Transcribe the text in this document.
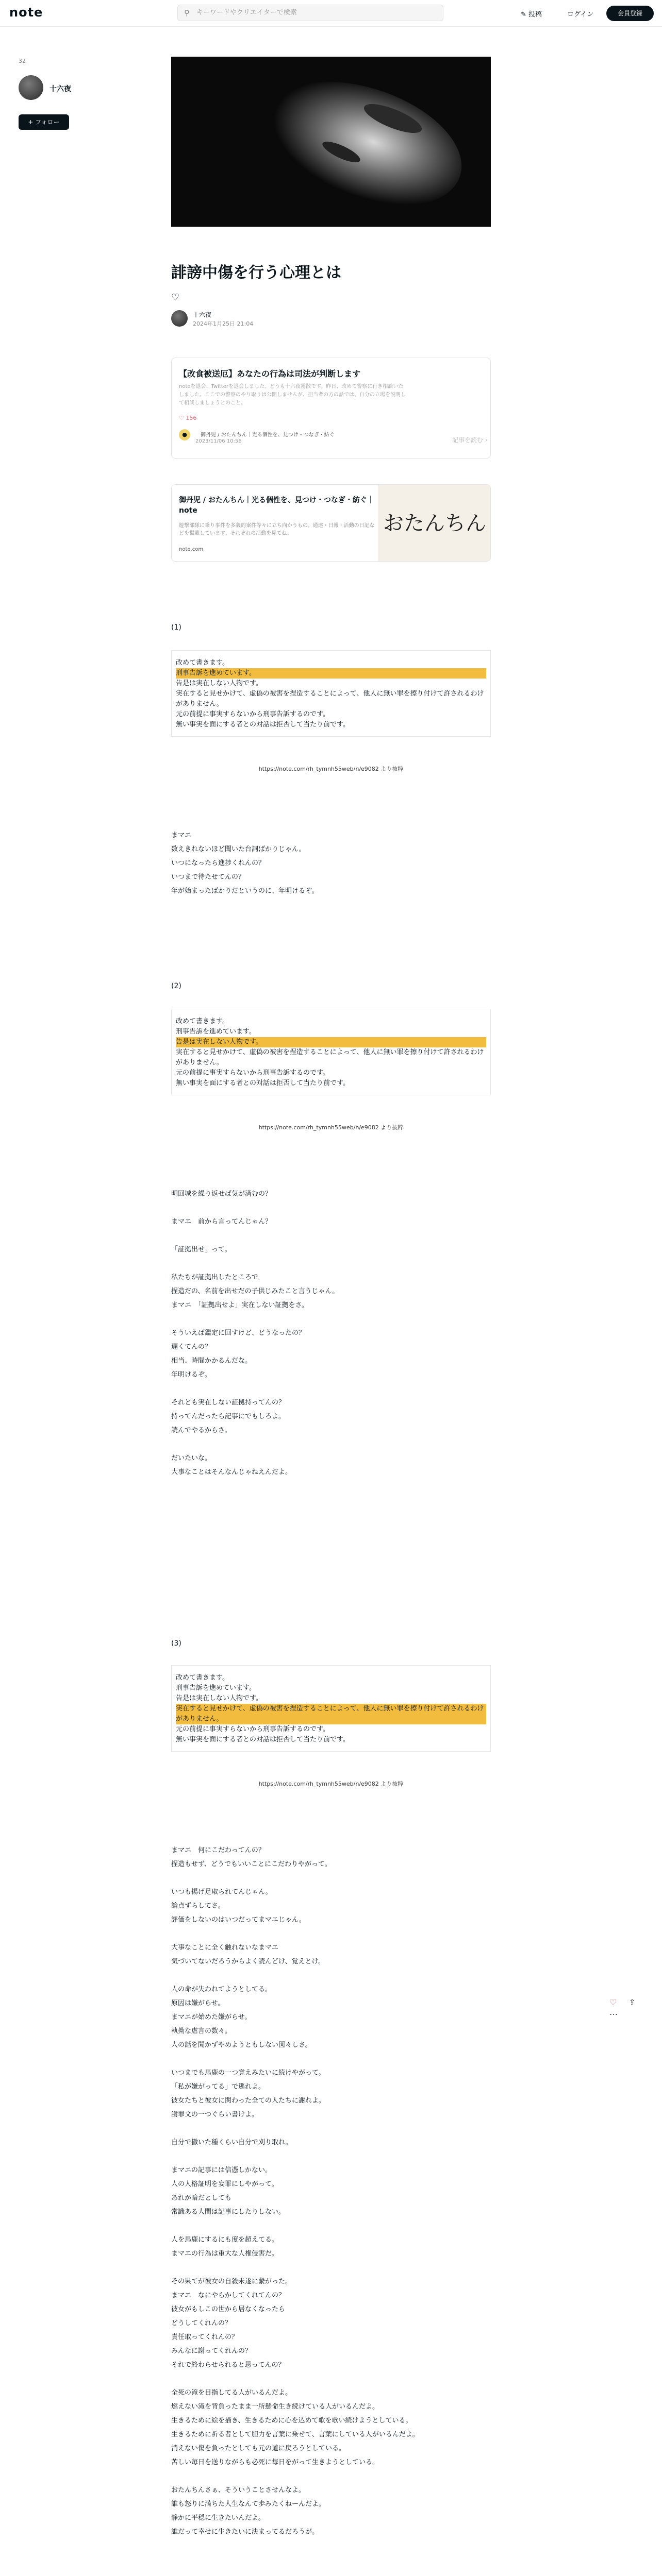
note	⚲ キーワードやクリエイターで検索	✎ 投稿	ログイン	会員登録
32
十六夜
+ フォロー
誹謗中傷を行う心理とは
♡
十六夜
2024年1月25日 21:04
【改食被送厄】あなたの行為は司法が判断します
noteを退会、Twitterを退会しました。どうも十六夜霧散です。昨日、改めて警察に行き相談いたしました。ここでの警察のやり取りは公開しませんが、担当者の方の話では、自分の立場を説明して相談しましょうとのこと。
♡ 156
●	　御丹児 / おたんちん｜光る個性を、見つけ・つなぎ・紡ぐ
2023/11/06 10:56	記事を読む ›
御丹児 / おたんちん｜光る個性を、見つけ・つなぎ・紡ぐ｜note
遊撃部隊に乗り事件を多義的案件等々に立ち向かうもの。通達・日報・活動の日記などを掲載しています。それぞれの活動を見てね。
note.com
おたんちん
(1)
改めて書きます。
刑事告訴を進めています。
告是は実在しない人物です。
実在すると見せかけて、虚偽の被害を捏造することによって、他人に無い罪を擦り付けて許されるわけがありません。
元の前提に事実すらないから刑事告訴するのです。
無い事実を面にする者との対話は拒否して当たり前です。
https://note.com/rh_tymnh55web/n/e9082 より抜粋
まマエ　
数えきれないほど聞いた台詞ばかりじゃん。
いつになったら進捗くれんの？
いつまで待たせてんの？
年が始まったばかりだというのに、年明けるぞ。
(2)
改めて書きます。
刑事告訴を進めています。
告是は実在しない人物です。
実在すると見せかけて、虚偽の被害を捏造することによって、他人に無い罪を擦り付けて許されるわけがありません。
元の前提に事実すらないから刑事告訴するのです。
無い事実を面にする者との対話は拒否して当たり前です。
https://note.com/rh_tymnh55web/n/e9082 より抜粋
明回城を繰り返せば気が済むの？
まマエ　前から言ってんじゃん？
「証拠出せ」って。
私たちが証拠出したところで
捏造だの、名前を出せだの子供じみたこと言うじゃん。
まマエ　「証拠出せよ」実在しない証拠をさ。
そういえば鑑定に回すけど、どうなったの？
遅くてんの？
相当、時間かかるんだな。
年明けるぞ。
それとも実在しない証拠持ってんの？
持ってんだったら記事にでもしろよ。
読んでやるからさ。
だいたいな。
大事なことはそんなんじゃねえんだよ。
(3)
改めて書きます。
刑事告訴を進めています。
告是は実在しない人物です。
実在すると見せかけて、虚偽の被害を捏造することによって、他人に無い罪を擦り付けて許されるわけがありません。
元の前提に事実すらないから刑事告訴するのです。
無い事実を面にする者との対話は拒否して当たり前です。
https://note.com/rh_tymnh55web/n/e9082 より抜粋
まマエ　何にこだわってんの？
捏造もせず、どうでもいいことにこだわりやがって。
いつも揚げ足取られてんじゃん。
論点ずらしてさ。
評価をしないのはいつだってまマエじゃん。
大事なことに全く触れないなまマエ
気づいてないだろうからよく読んどけ、覚えとけ。
人の命が失われてようとしてる。
原因は嫌がらせ。
まマエが始めた嫌がらせ。
執拗な虐言の数々。
人の話を聞かずやめようともしない図々しさ。
いつまでも馬鹿の一つ覚えみたいに続けやがって。
「私が嫌がってる」で逃れよ。
彼女たちと彼女に関わった全ての人たちに謝れよ。
謝罪文の一つぐらい書けよ。
自分で撒いた種くらい自分で刈り取れ。
まマエの記事には信憑しかない。
人の人格証明を妄罪にしやがって。
あれが暗だとしても
常識ある人間は記事にしたりしない。
人を馬鹿にするにも度を超えてる。
まマエの行為は重大な人権侵害だ。
その果てが彼女の自殺未遂に繋がった。
まマエ　なにやらかしてくれてんの？
彼女がもしこの世から居なくなったら
どうしてくれんの？
責任取ってくれんの？
みんなに謝ってくれんの？
それで終わらせられると思ってんの？
全死の滝を目指してる人がいるんだよ。
燃えない滝を背負ったまま一所懸命生き続けている人がいるんだよ。
生きるために絵を描き、生きるために心を込めて歌を歌い続けようとしている。
生きるために祈る者として胆力を言葉に乗せて、言葉にしている人がいるんだよ。
消えない傷を負ったとしても元の道に戻ろうとしている。
苦しい毎日を送りながらも必死に毎日をがって生きようとしている。
おたんちんさぁ、そういうことさせんなよ。
誰も怒りに満ちた人生なんて歩みたくねーんだよ。
静かに平穏に生きたいんだよ。
誰だって幸せに生きたいに決まってるだろうが。
♡ ⇪ …
